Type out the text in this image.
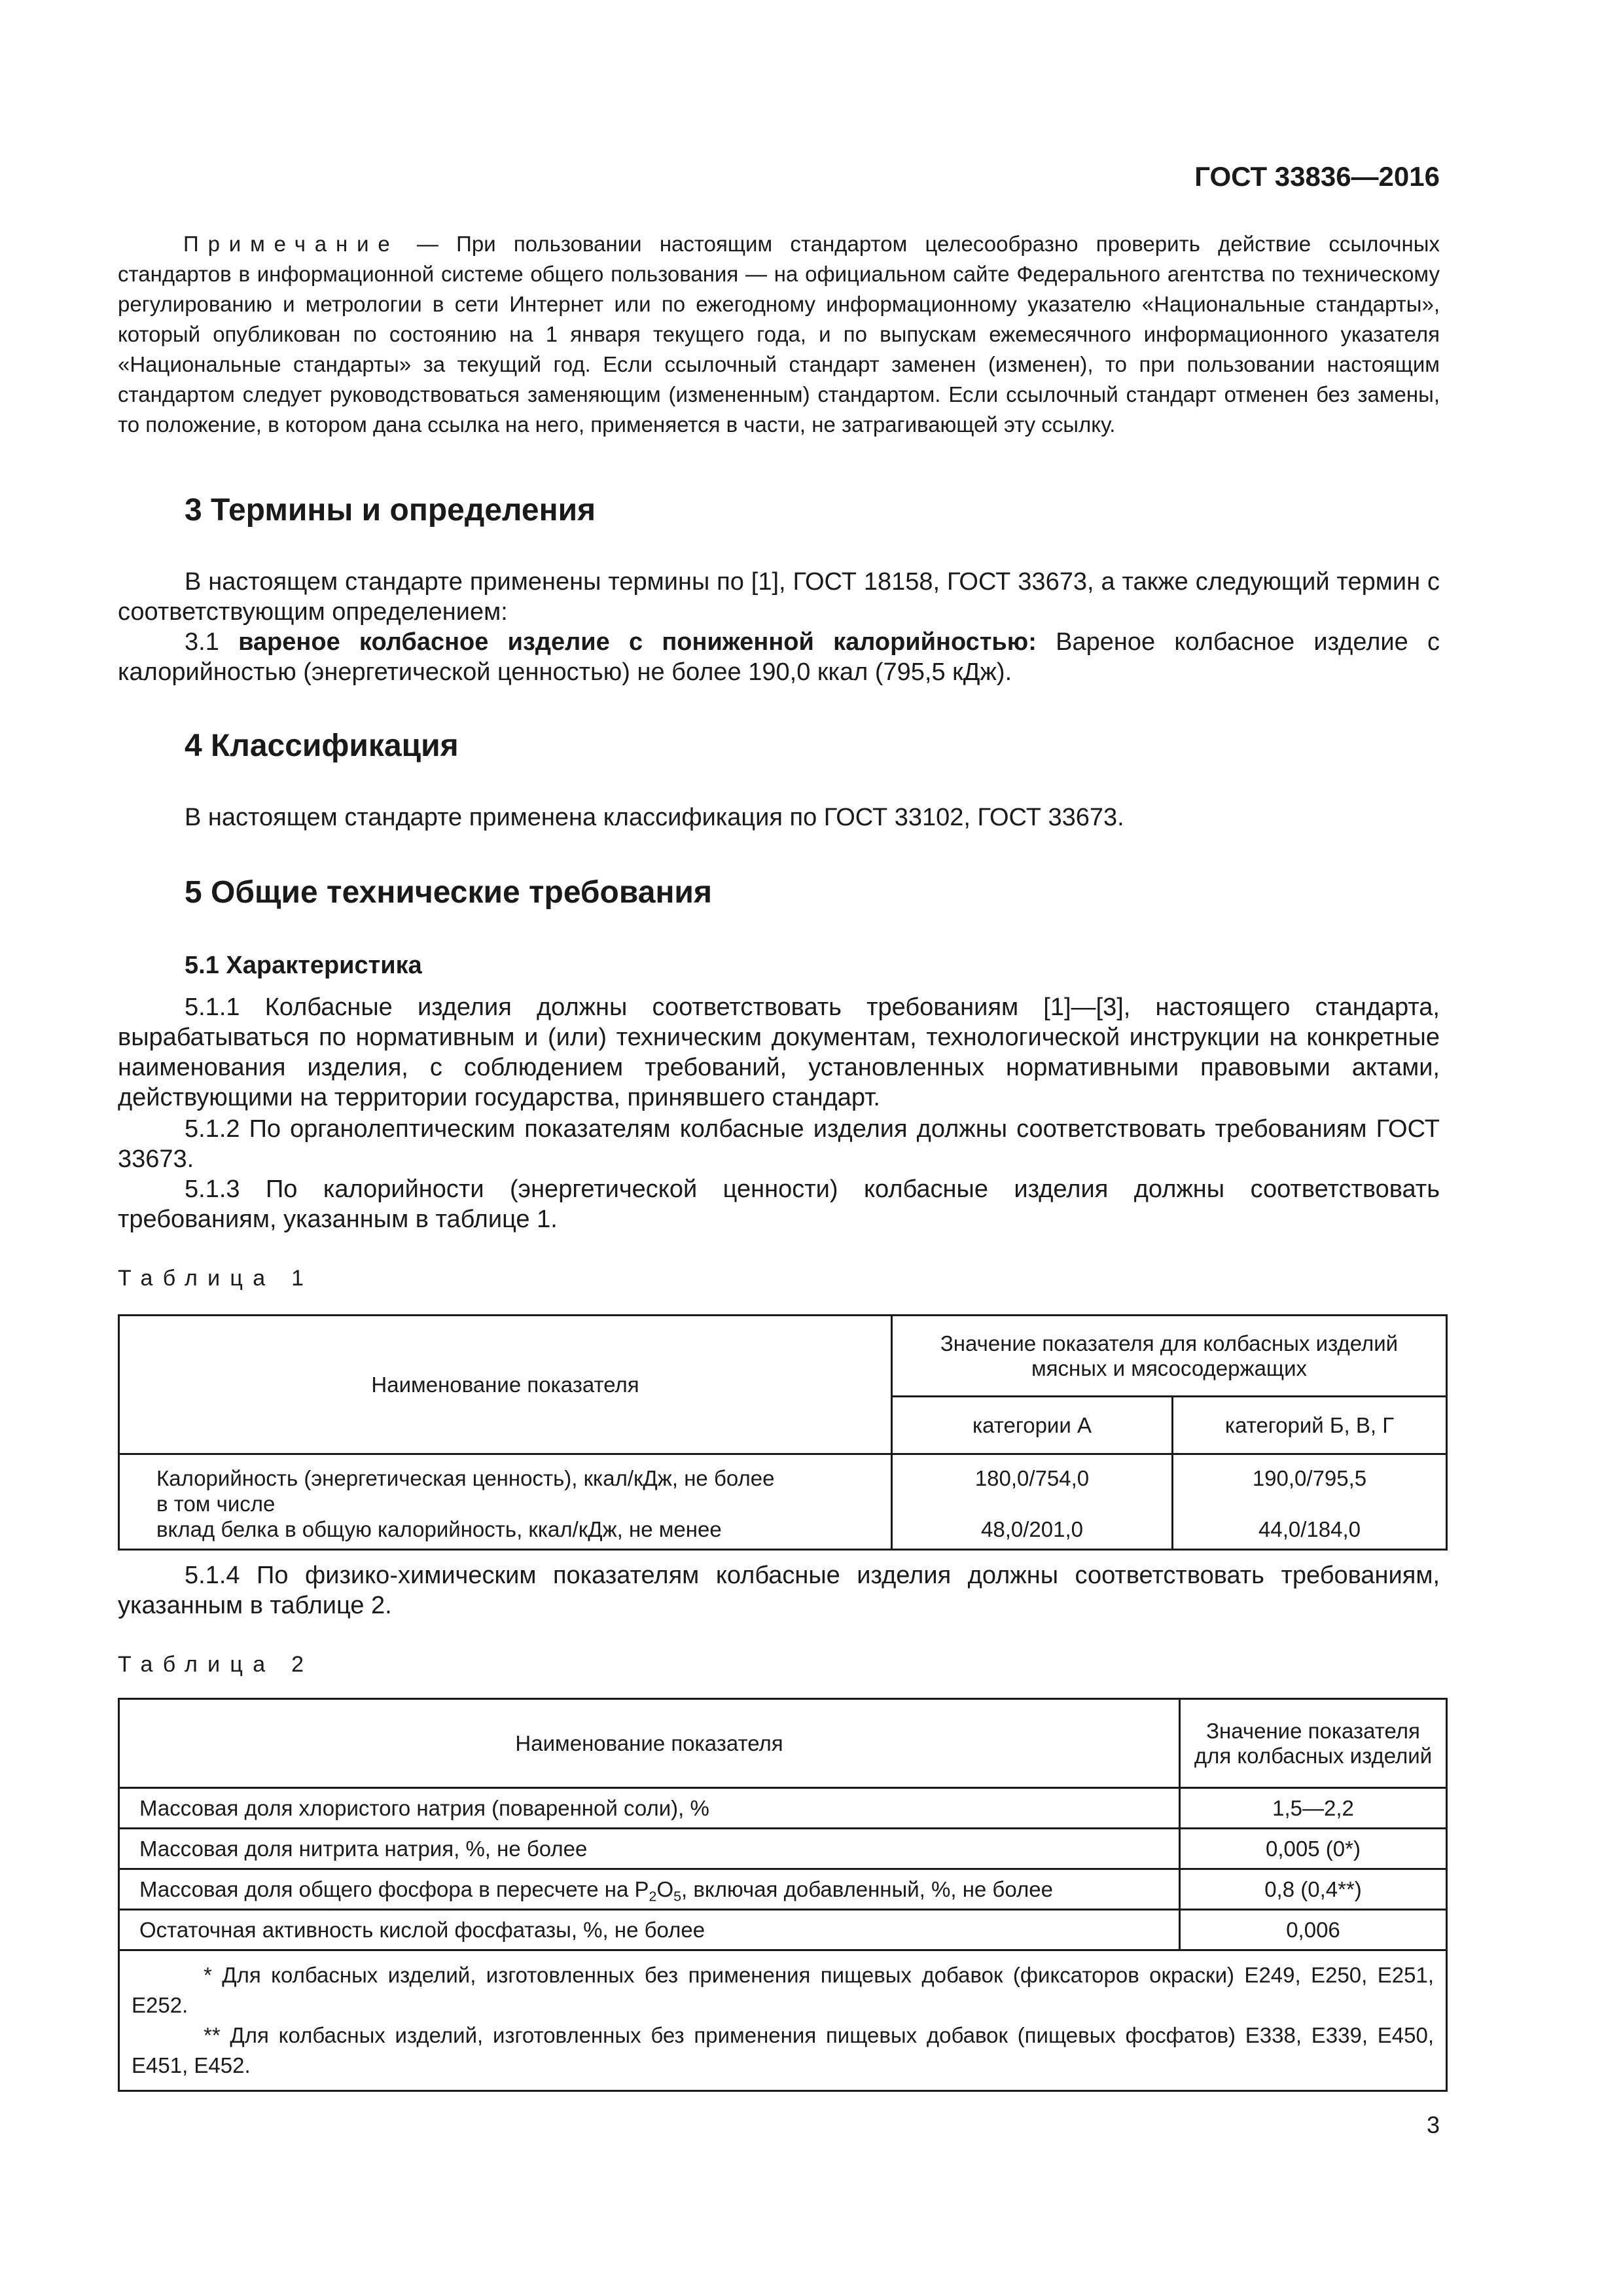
ГОСТ 33836—2016
Примечание — При пользовании настоящим стандартом целесообразно проверить действие ссылочных стандартов в информационной системе общего пользования — на официальном сайте Федерального агентства по техническому регулированию и метрологии в сети Интернет или по ежегодному информационному указателю «Национальные стандарты», который опубликован по состоянию на 1 января текущего года, и по выпускам ежемесячного информационного указателя «Национальные стандарты» за текущий год. Если ссылочный стандарт заменен (изменен), то при пользовании настоящим стандартом следует руководствоваться заменяющим (измененным) стандартом. Если ссылочный стандарт отменен без замены, то положение, в котором дана ссылка на него, применяется в части, не затрагивающей эту ссылку.
3 Термины и определения
В настоящем стандарте применены термины по [1], ГОСТ 18158, ГОСТ 33673, а также следующий термин с соответствующим определением:
3.1 вареное колбасное изделие с пониженной калорийностью: Вареное колбасное изделие с калорийностью (энергетической ценностью) не более 190,0 ккал (795,5 кДж).
4 Классификация
В настоящем стандарте применена классификация по ГОСТ 33102, ГОСТ 33673.
5 Общие технические требования
5.1 Характеристика
5.1.1 Колбасные изделия должны соответствовать требованиям [1]—[3], настоящего стандарта, вырабатываться по нормативным и (или) техническим документам, технологической инструкции на конкретные наименования изделия, с соблюдением требований, установленных нормативными правовыми актами, действующими на территории государства, принявшего стандарт.
5.1.2 По органолептическим показателям колбасные изделия должны соответствовать требованиям ГОСТ 33673.
5.1.3 По калорийности (энергетической ценности) колбасные изделия должны соответствовать требованиям, указанным в таблице 1.
Таблица 1
Наименование показателя	Значение показателя для колбасных изделий
мясных и мясосодержащих	

	категории А	категорий Б, В, Г
Калорийность (энергетическая ценность), ккал/кДж, не более	180,0/754,0	190,0/795,5
в том числе		
вклад белка в общую калорийность, ккал/кДж, не менее	48,0/201,0	44,0/184,0
5.1.4 По физико-химическим показателям колбасные изделия должны соответствовать требованиям, указанным в таблице 2.
Таблица 2
Наименование показателя	Значение показателя
для колбасных изделий

Массовая доля хлористого натрия (поваренной соли), %	1,5—2,2
Массовая доля нитрита натрия, %, не более	0,005 (0*)
Массовая доля общего фосфора в пересчете на $P_2O_5$, включая добавленный, %, не более	0,8 (0,4**)
Остаточная активность кислой фосфатазы, %, не более	0,006

* Для колбасных изделий, изготовленных без применения пищевых добавок (фиксаторов окраски) Е249, Е250, Е251, Е252.
** Для колбасных изделий, изготовленных без применения пищевых добавок (пищевых фосфатов) Е338, Е339, Е450, Е451, Е452.	
3
